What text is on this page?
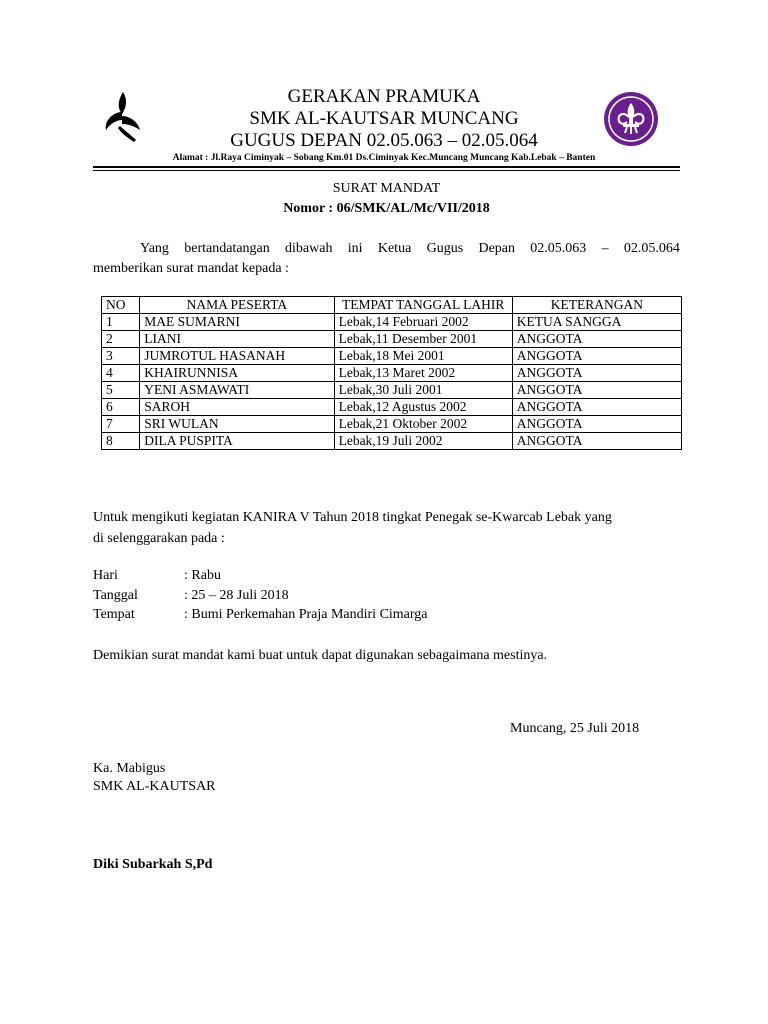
GERAKAN PRAMUKA
SMK AL-KAUTSAR MUNCANG
GUGUS DEPAN 02.05.063 – 02.05.064
Alamat : Jl.Raya Ciminyak – Sobang Km.01 Ds.Ciminyak Kec.Muncang Muncang Kab.Lebak – Banten
SURAT MANDAT
Nomor : 06/SMK/AL/Mc/VII/2018
Yang bertandatangan dibawah ini Ketua Gugus Depan 02.05.063 – 02.05.064
memberikan surat mandat kepada :
NO	NAMA PESERTA	TEMPAT TANGGAL LAHIR	KETERANGAN
1	MAE SUMARNI	Lebak,14 Februari 2002	KETUA SANGGA
2	LIANI	Lebak,11 Desember 2001	ANGGOTA
3	JUMROTUL HASANAH	Lebak,18 Mei 2001	ANGGOTA
4	KHAIRUNNISA	Lebak,13 Maret 2002	ANGGOTA
5	YENI ASMAWATI	Lebak,30 Juli 2001	ANGGOTA
6	SAROH	Lebak,12 Agustus 2002	ANGGOTA
7	SRI WULAN	Lebak,21 Oktober 2002	ANGGOTA
8	DILA PUSPITA	Lebak,19 Juli 2002	ANGGOTA
Untuk mengikuti kegiatan KANIRA V Tahun 2018 tingkat Penegak se-Kwarcab Lebak yang
di selenggarakan pada :
Hari	: Rabu
Tanggal	: 25 – 28 Juli 2018
Tempat	: Bumi Perkemahan Praja Mandiri Cimarga
Demikian surat mandat kami buat untuk dapat digunakan sebagaimana mestinya.
Muncang, 25 Juli 2018
Ka. Mabigus
SMK AL-KAUTSAR
Diki Subarkah S,Pd
